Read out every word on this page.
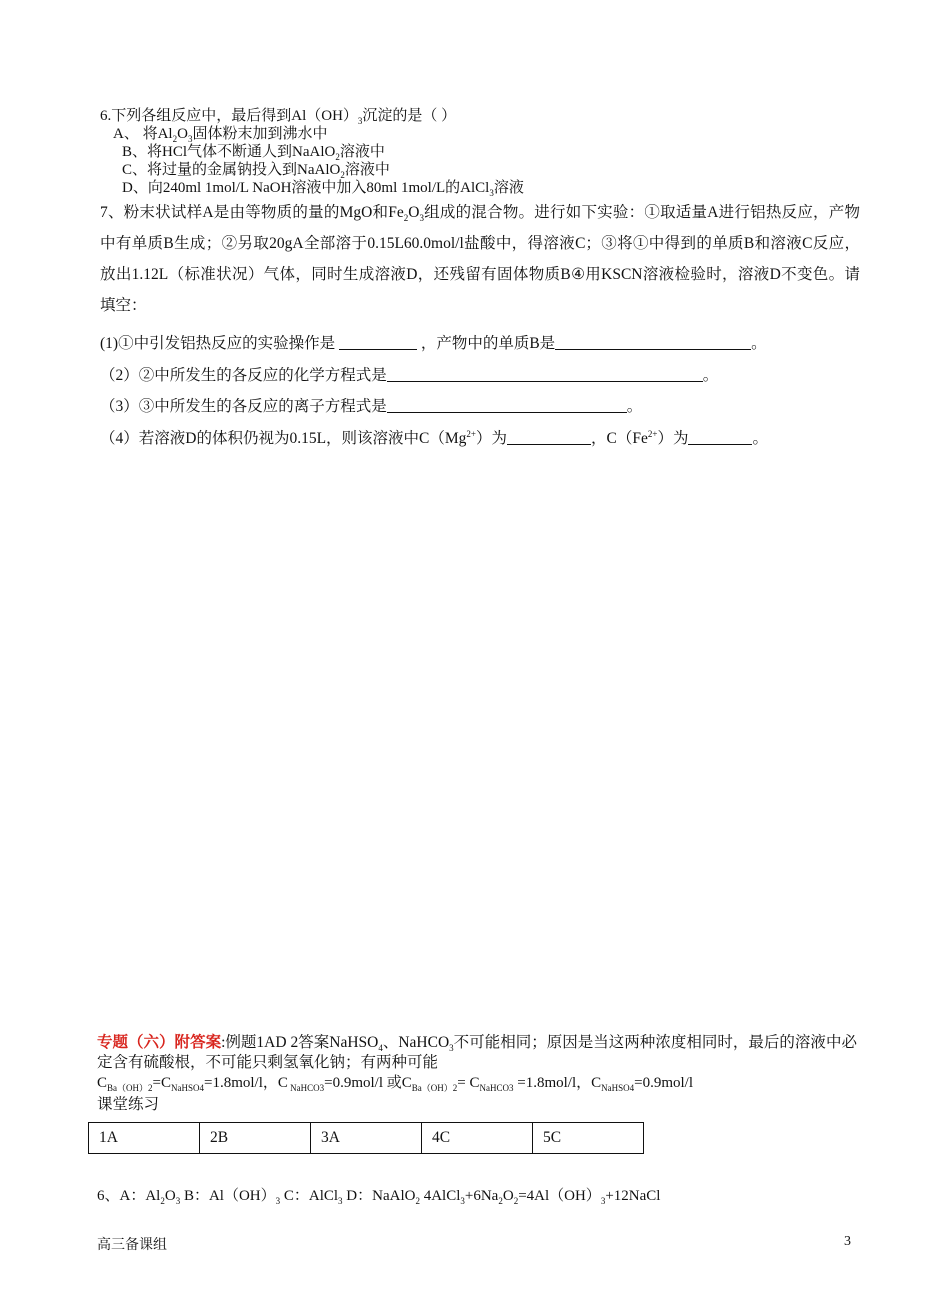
6.下列各组反应中，最后得到$Al(OH)_3$沉淀的是（ ）
A、 将$Al_2O_3$固体粉末加到沸水中
B、将HCl气体不断通人到NaAlO$_2$溶液中
C、将过量的金属钠投入到NaAlO$_2$溶液中
D、向240ml 1mol/L NaOH溶液中加入80ml 1mol/L的AlCl$_3$溶液
7、粉末状试样A是由等物质的量的MgO和$Fe_2O_3$组成的混合物。进行如下实验：①取适量A进行铝热反应，产物中有单质B生成；②另取20gA全部溶于0.15L60.0mol/l盐酸中，得溶液C；③将①中得到的单质B和溶液C反应，放出1.12L（标准状况）气体，同时生成溶液D，还残留有固体物质B④用KSCN溶液检验时，溶液D不变色。请填空：
(1)①中引发铝热反应的实验操作是	，产物中的单质B是	。
（2）②中所发生的各反应的化学方程式是	。
（3）③中所发生的各反应的离子方程式是	。
（4）若溶液D的体积仍视为0.15L，则该溶液中$C(Mg^{2+})$为	，$C(Fe^{2+})$为	。
专题（六）附答案:例题1AD 2答案NaHSO$_4$、NaHCO$_3$不可能相同；原因是当这两种浓度相同时，最后的溶液中必定含有硫酸根，不可能只剩氢氧化钠；有两种可能
$C_{Ba(OH)2}=C_{NaHSO4}=1.8mol/l$，C $_{NaHCO3}$=0.9mol/l 或$C_{Ba(OH)2}= C_{NaHCO3} =1.8mol/l$，$C_{NaHSO4}=0.9mol/l$
课堂练习
1A	2B	3A	4C	5C
6、A：$Al_2O_3$ B：$Al(OH)_3$ C：AlCl$_3$ D：NaAlO$_2$ $4AlCl_3+6Na_2O_2=4Al(OH)_3+12NaCl$
高三备课组	3
